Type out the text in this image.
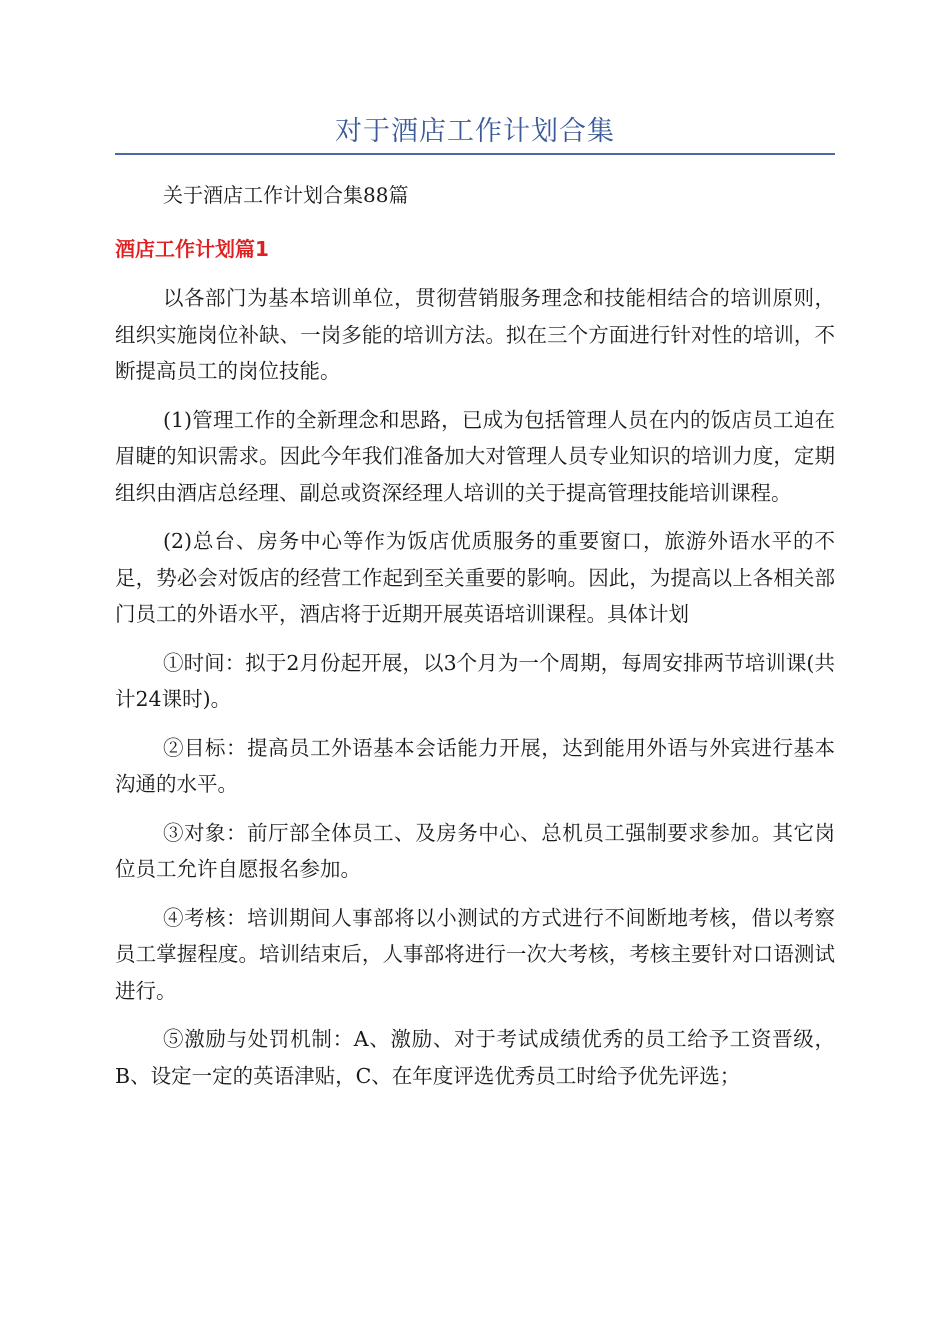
对于酒店工作计划合集
关于酒店工作计划合集88篇
酒店工作计划篇1

以各部门为基本培训单位，贯彻营销服务理念和技能相结合的培训原则，组织实施岗位补缺、一岗多能的培训方法。拟在三个方面进行针对性的培训，不断提高员工的岗位技能。

(1)管理工作的全新理念和思路，已成为包括管理人员在内的饭店员工迫在眉睫的知识需求。因此今年我们准备加大对管理人员专业知识的培训力度，定期组织由酒店总经理、副总或资深经理人培训的关于提高管理技能培训课程。

(2)总台、房务中心等作为饭店优质服务的重要窗口，旅游外语水平的不足，势必会对饭店的经营工作起到至关重要的影响。因此，为提高以上各相关部门员工的外语水平，酒店将于近期开展英语培训课程。具体计划

①时间：拟于2月份起开展，以3个月为一个周期，每周安排两节培训课(共计24课时)。

②目标：提高员工外语基本会话能力开展，达到能用外语与外宾进行基本沟通的水平。

③对象：前厅部全体员工、及房务中心、总机员工强制要求参加。其它岗位员工允许自愿报名参加。

④考核：培训期间人事部将以小测试的方式进行不间断地考核，借以考察员工掌握程度。培训结束后，人事部将进行一次大考核，考核主要针对口语测试进行。

⑤激励与处罚机制：A、激励、对于考试成绩优秀的员工给予工资晋级，B、设定一定的英语津贴，C、在年度评选优秀员工时给予优先评选；
